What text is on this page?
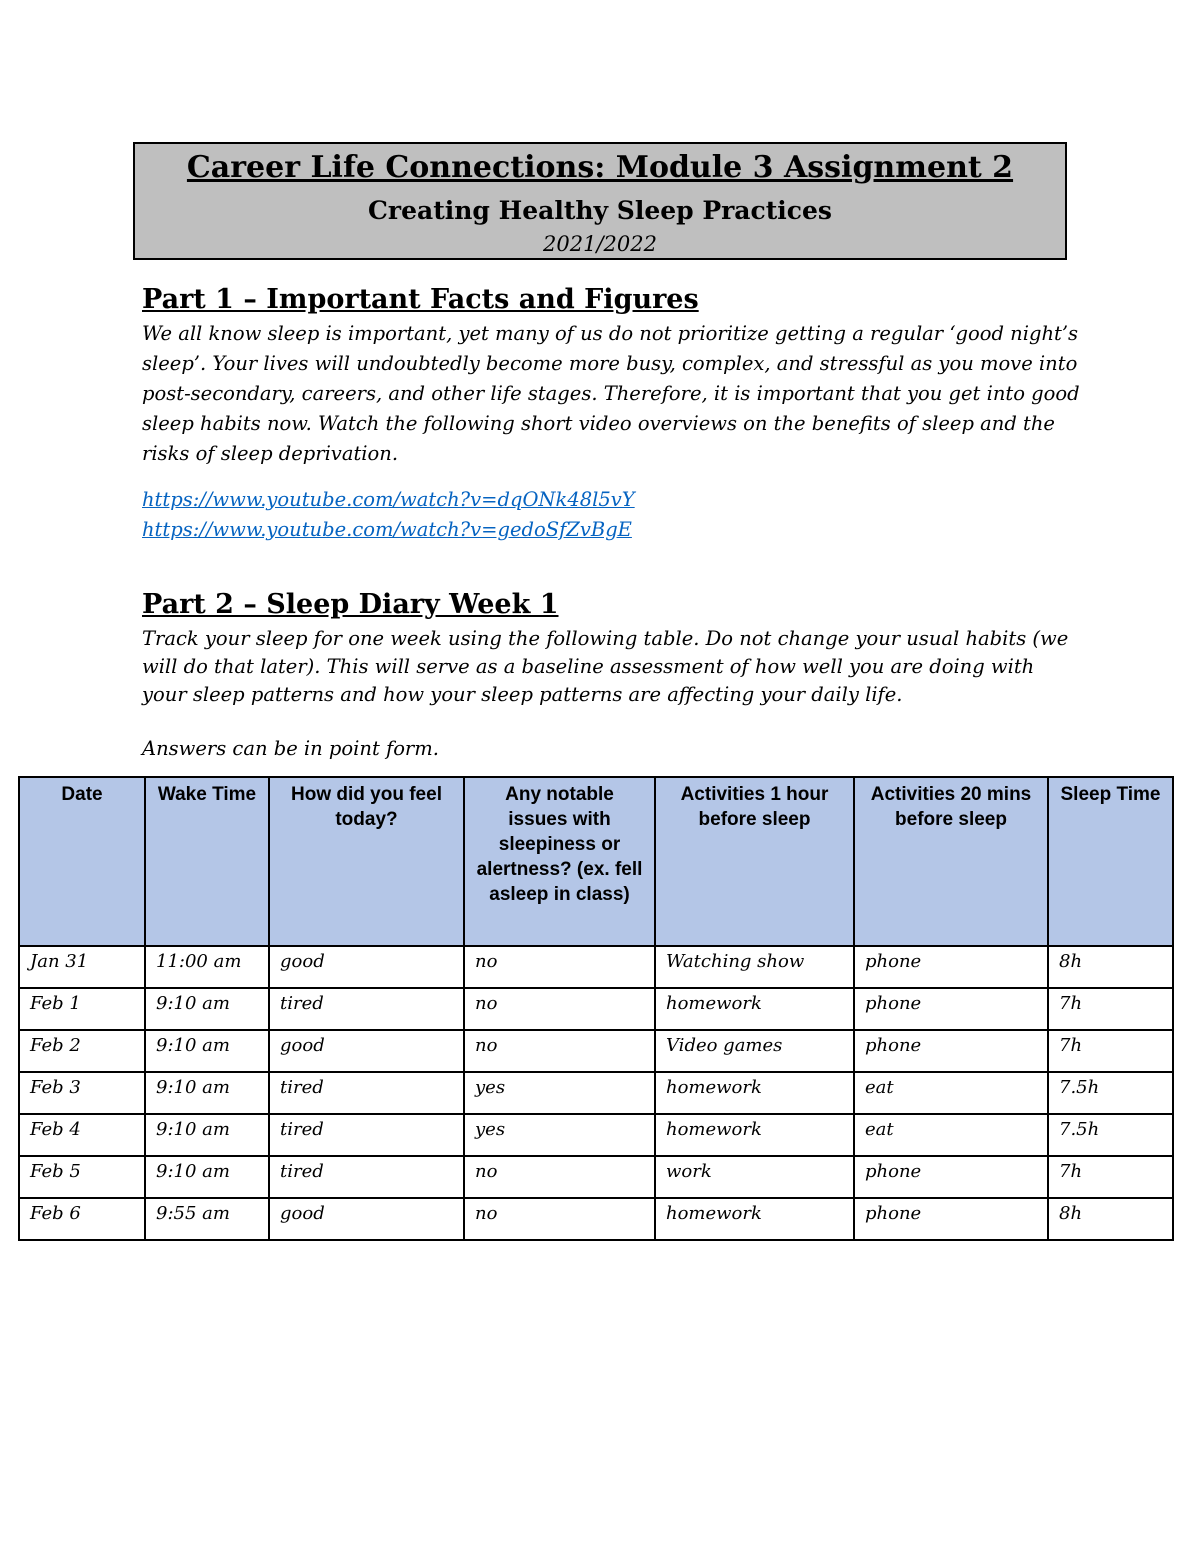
Career Life Connections: Module 3 Assignment 2
Creating Healthy Sleep Practices
2021/2022
Part 1 – Important Facts and Figures
We all know sleep is important, yet many of us do not prioritize getting a regular ‘good night’s
sleep’. Your lives will undoubtedly become more busy, complex, and stressful as you move into
post-secondary, careers, and other life stages. Therefore, it is important that you get into good
sleep habits now. Watch the following short video overviews on the benefits of sleep and the
risks of sleep deprivation.
https://www.youtube.com/watch?v=dqONk48l5vY
https://www.youtube.com/watch?v=gedoSfZvBgE
Part 2 – Sleep Diary Week 1
Track your sleep for one week using the following table. Do not change your usual habits (we
will do that later). This will serve as a baseline assessment of how well you are doing with
your sleep patterns and how your sleep patterns are affecting your daily life.
Answers can be in point form.
Date	Wake Time	How did you feel today?	Any notable issues with sleepiness or alertness? (ex. fell asleep in class)	Activities 1 hour before sleep	Activities 20 mins before sleep	Sleep Time
Jan 31	11:00 am	good	no	Watching show	phone	8h
Feb 1	9:10 am	tired	no	homework	phone	7h
Feb 2	9:10 am	good	no	Video games	phone	7h
Feb 3	9:10 am	tired	yes	homework	eat	7.5h
Feb 4	9:10 am	tired	yes	homework	eat	7.5h
Feb 5	9:10 am	tired	no	work	phone	7h
Feb 6	9:55 am	good	no	homework	phone	8h
